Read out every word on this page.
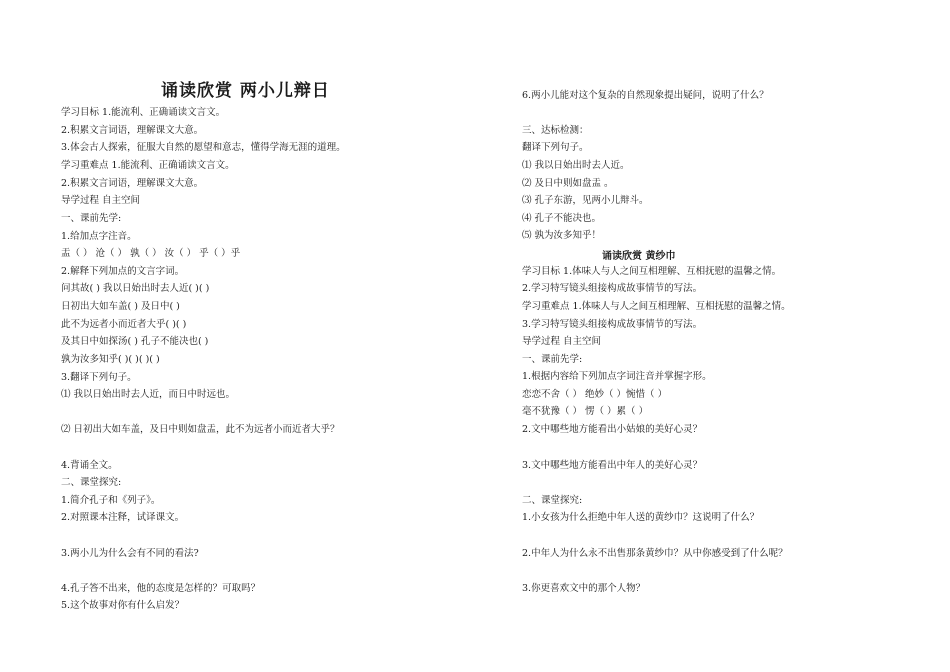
诵读欣赏 两小儿辩日
学习目标 1.能流利、正确诵读文言文。
2.积累文言词语，理解课文大意。
3.体会古人探索，征服大自然的愿望和意志，懂得学海无涯的道理。
学习重难点 1.能流利、正确诵读文言文。
2.积累文言词语，理解课文大意。
导学过程 自主空间
一、课前先学:
1.给加点字注音。
盂（ ） 沧（ ） 孰（ ） 汝（ ） 乎（ ）乎
2.解释下列加点的文言字词。
问其故( ) 我以日始出时去人近( )( )
日初出大如车盖( ) 及日中( )
此不为远者小而近者大乎( )( )
及其日中如探汤( ) 孔子不能决也( )
孰为汝多知乎( )( )( )( )
3.翻译下列句子。
⑴ 我以日始出时去人近，而日中时远也。
⑵ 日初出大如车盖，及日中则如盘盂，此不为远者小而近者大乎？
4.背诵全文。
二、课堂探究:
1.简介孔子和《列子》。
2.对照课本注释，试译课文。
3.两小儿为什么会有不同的看法?
4.孔子答不出来，他的态度是怎样的？可取吗？
5.这个故事对你有什么启发？
6.两小儿能对这个复杂的自然现象提出疑问，说明了什么？
三、达标检测：
翻译下列句子。
⑴ 我以日始出时去人近。
⑵ 及日中则如盘盂 。
⑶ 孔子东游，见两小儿辩斗。
⑷ 孔子不能决也。
⑸ 孰为汝多知乎！
诵读欣赏 黄纱巾
学习目标 1.体味人与人之间互相理解、互相抚慰的温馨之情。
2.学习特写镜头组接构成故事情节的写法。
学习重难点 1.体味人与人之间互相理解、互相抚慰的温馨之情。
3.学习特写镜头组接构成故事情节的写法。
导学过程 自主空间
一、课前先学:
1.根据内容给下列加点字词注音并掌握字形。
恋恋不舍（ ） 绝妙（ ）惋惜（ ）
毫不犹豫（ ） 愣（ ）累（ ）
2.文中哪些地方能看出小姑娘的美好心灵？
3.文中哪些地方能看出中年人的美好心灵？
二、课堂探究:
1.小女孩为什么拒绝中年人送的黄纱巾？这说明了什么？
2.中年人为什么永不出售那条黄纱巾？从中你感受到了什么呢？
3.你更喜欢文中的那个人物？
